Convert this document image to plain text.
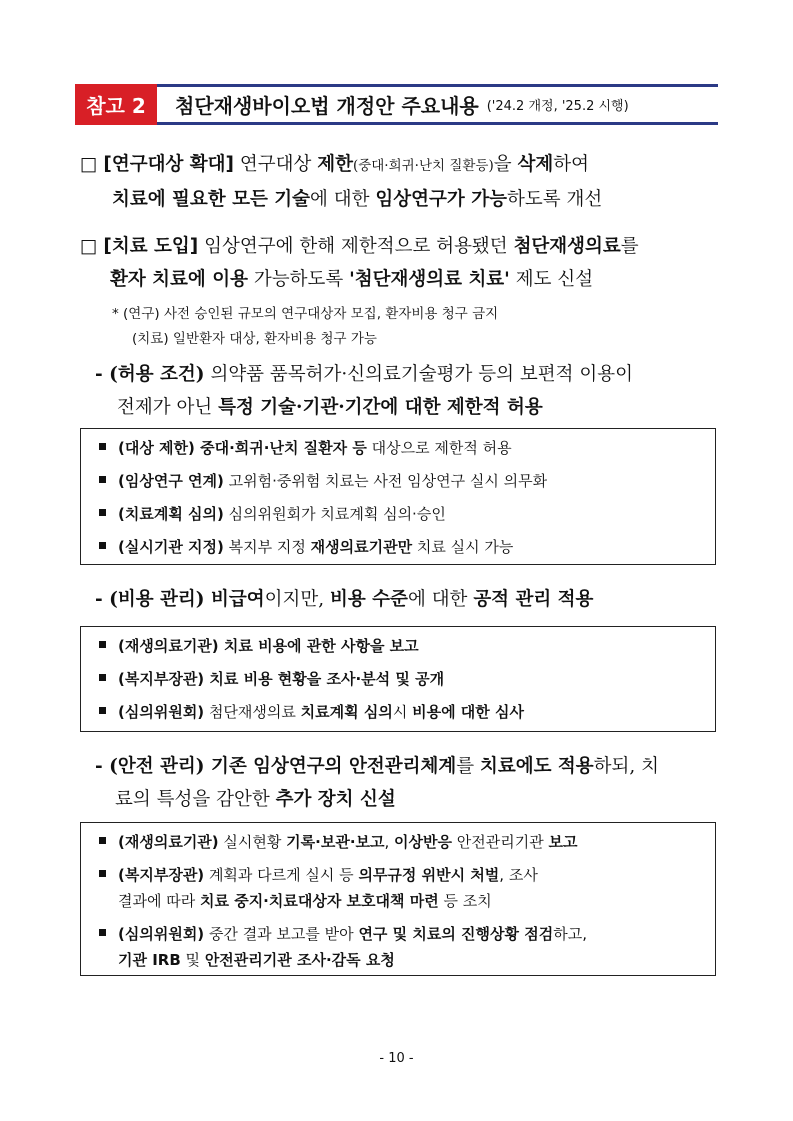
참고 2	첨단재생바이오법 개정안 주요내용 ('24.2 개정, '25.2 시행)
□ [연구대상 확대] 연구대상 제한(중대·희귀·난치 질환등)을 삭제하여
치료에 필요한 모든 기술에 대한 임상연구가 가능하도록 개선
□ [치료 도입] 임상연구에 한해 제한적으로 허용됐던 첨단재생의료를
환자 치료에 이용 가능하도록 '첨단재생의료 치료' 제도 신설
* (연구) 사전 승인된 규모의 연구대상자 모집, 환자비용 청구 금지
(치료) 일반환자 대상, 환자비용 청구 가능
- (허용 조건) 의약품 품목허가·신의료기술평가 등의 보편적 이용이
전제가 아닌 특정 기술·기관·기간에 대한 제한적 허용
(대상 제한) 중대·희귀·난치 질환자 등 대상으로 제한적 허용
(임상연구 연계) 고위험·중위험 치료는 사전 임상연구 실시 의무화
(치료계획 심의) 심의위원회가 치료계획 심의·승인
(실시기관 지정) 복지부 지정 재생의료기관만 치료 실시 가능
- (비용 관리) 비급여이지만, 비용 수준에 대한 공적 관리 적용
(재생의료기관) 치료 비용에 관한 사항을 보고
(복지부장관) 치료 비용 현황을 조사·분석 및 공개
(심의위원회) 첨단재생의료 치료계획 심의시 비용에 대한 심사
- (안전 관리) 기존 임상연구의 안전관리체계를 치료에도 적용하되, 치
료의 특성을 감안한 추가 장치 신설
(재생의료기관) 실시현황 기록·보관·보고, 이상반응 안전관리기관 보고
(복지부장관) 계획과 다르게 실시 등 의무규정 위반시 처벌, 조사
결과에 따라 치료 중지·치료대상자 보호대책 마련 등 조치
(심의위원회) 중간 결과 보고를 받아 연구 및 치료의 진행상황 점검하고,
기관 IRB 및 안전관리기관 조사·감독 요청
- 10 -
